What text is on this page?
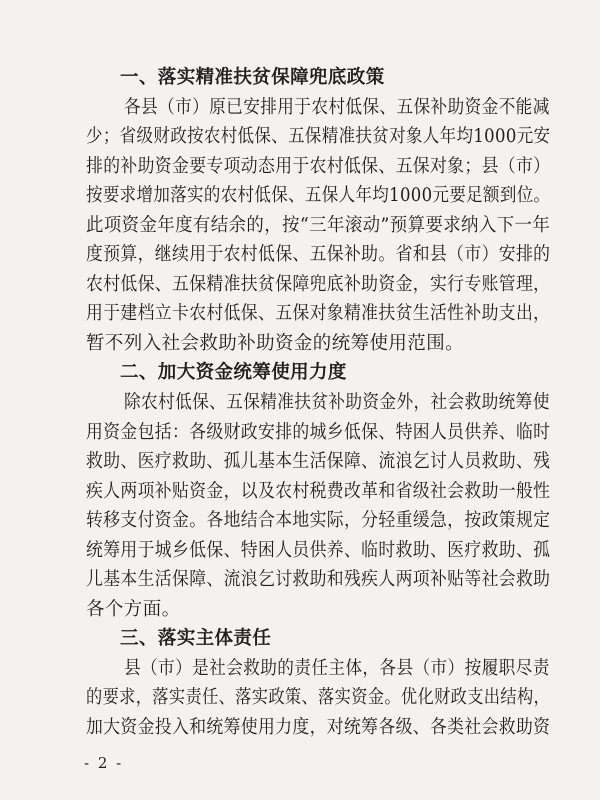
一、落实精准扶贫保障兜底政策
各县（市）原已安排用于农村低保、五保补助资金不能减
少；省级财政按农村低保、五保精准扶贫对象人年均1000元安
排的补助资金要专项动态用于农村低保、五保对象；县（市）
按要求增加落实的农村低保、五保人年均1000元要足额到位。
此项资金年度有结余的，按“三年滚动”预算要求纳入下一年
度预算，继续用于农村低保、五保补助。省和县（市）安排的
农村低保、五保精准扶贫保障兜底补助资金，实行专账管理，
用于建档立卡农村低保、五保对象精准扶贫生活性补助支出，
暂不列入社会救助补助资金的统筹使用范围。
二、加大资金统筹使用力度
除农村低保、五保精准扶贫补助资金外，社会救助统筹使
用资金包括：各级财政安排的城乡低保、特困人员供养、临时
救助、医疗救助、孤儿基本生活保障、流浪乞讨人员救助、残
疾人两项补贴资金，以及农村税费改革和省级社会救助一般性
转移支付资金。各地结合本地实际，分轻重缓急，按政策规定
统筹用于城乡低保、特困人员供养、临时救助、医疗救助、孤
儿基本生活保障、流浪乞讨救助和残疾人两项补贴等社会救助
各个方面。
三、落实主体责任
县（市）是社会救助的责任主体，各县（市）按履职尽责
的要求，落实责任、落实政策、落实资金。优化财政支出结构，
加大资金投入和统筹使用力度，对统筹各级、各类社会救助资
- 2 -
